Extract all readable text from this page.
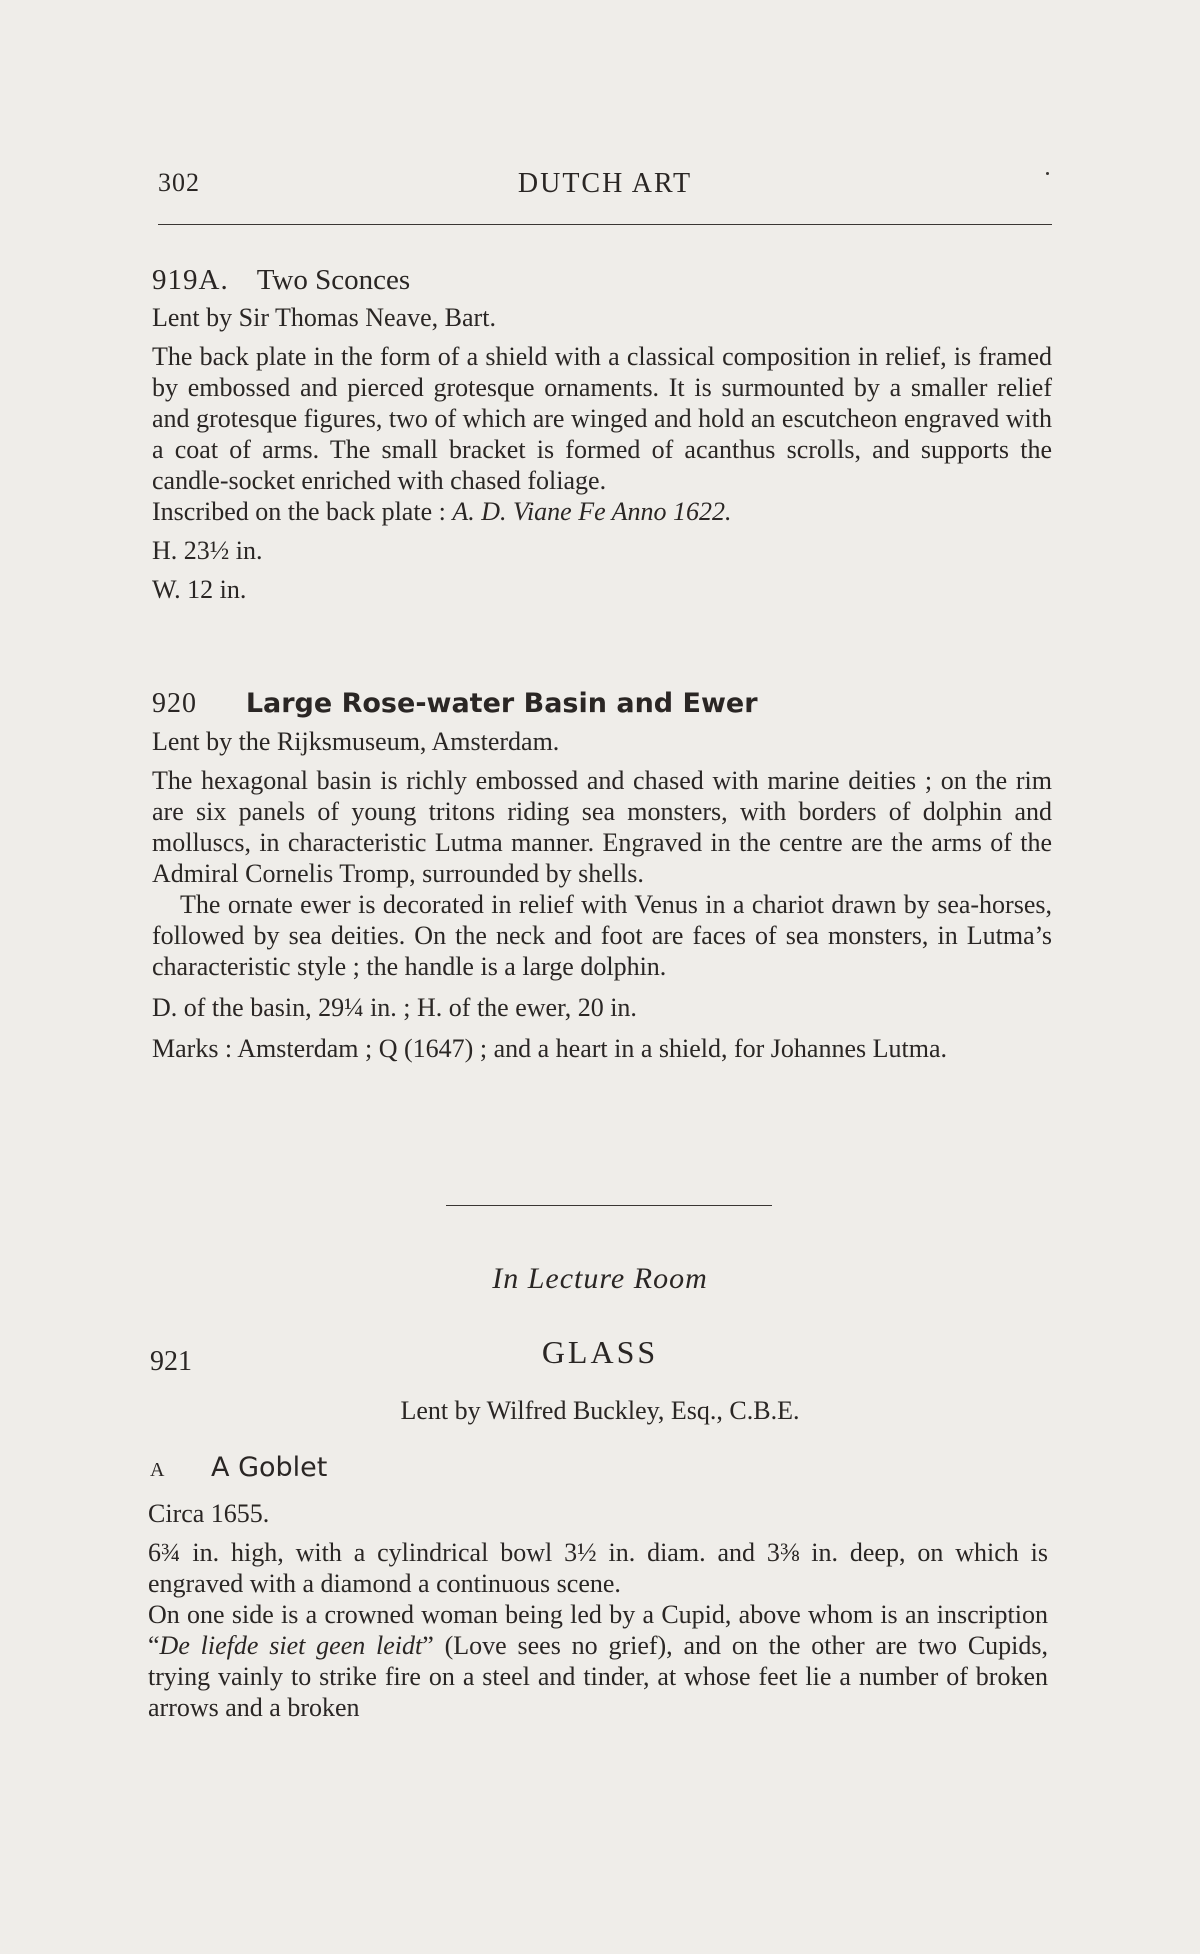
302	DUTCH ART
919A. Two Sconces

Lent by Sir Thomas Neave, Bart.

The back plate in the form of a shield with a classical composition in relief, is framed by embossed and pierced grotesque ornaments. It is surmounted by a smaller relief and grotesque figures, two of which are winged and hold an escutcheon engraved with a coat of arms. The small bracket is formed of acanthus scrolls, and supports the candle-socket enriched with chased foliage.

Inscribed on the back plate : A. D. Viane Fe Anno 1622.

H. 23½ in.

W. 12 in.

920 Large Rose-water Basin and Ewer

Lent by the Rijksmuseum, Amsterdam.

The hexagonal basin is richly embossed and chased with marine deities ; on the rim are six panels of young tritons riding sea monsters, with borders of dolphin and molluscs, in characteristic Lutma manner. Engraved in the centre are the arms of the Admiral Cornelis Tromp, surrounded by shells.

The ornate ewer is decorated in relief with Venus in a chariot drawn by sea-horses, followed by sea deities. On the neck and foot are faces of sea monsters, in Lutma’s characteristic style ; the handle is a large dolphin.

D. of the basin, 29¼ in. ; H. of the ewer, 20 in.

Marks : Amsterdam ; Q (1647) ; and a heart in a shield, for Johannes Lutma.

In Lecture Room
921	GLASS
Lent by Wilfred Buckley, Esq., C.B.E.
A A Goblet

Circa 1655.

6¾ in. high, with a cylindrical bowl 3½ in. diam. and 3⅜ in. deep, on which is engraved with a diamond a continuous scene.

On one side is a crowned woman being led by a Cupid, above whom is an inscription “De liefde siet geen leidt” (Love sees no grief), and on the other are two Cupids, trying vainly to strike fire on a steel and tinder, at whose feet lie a number of broken arrows and a broken
